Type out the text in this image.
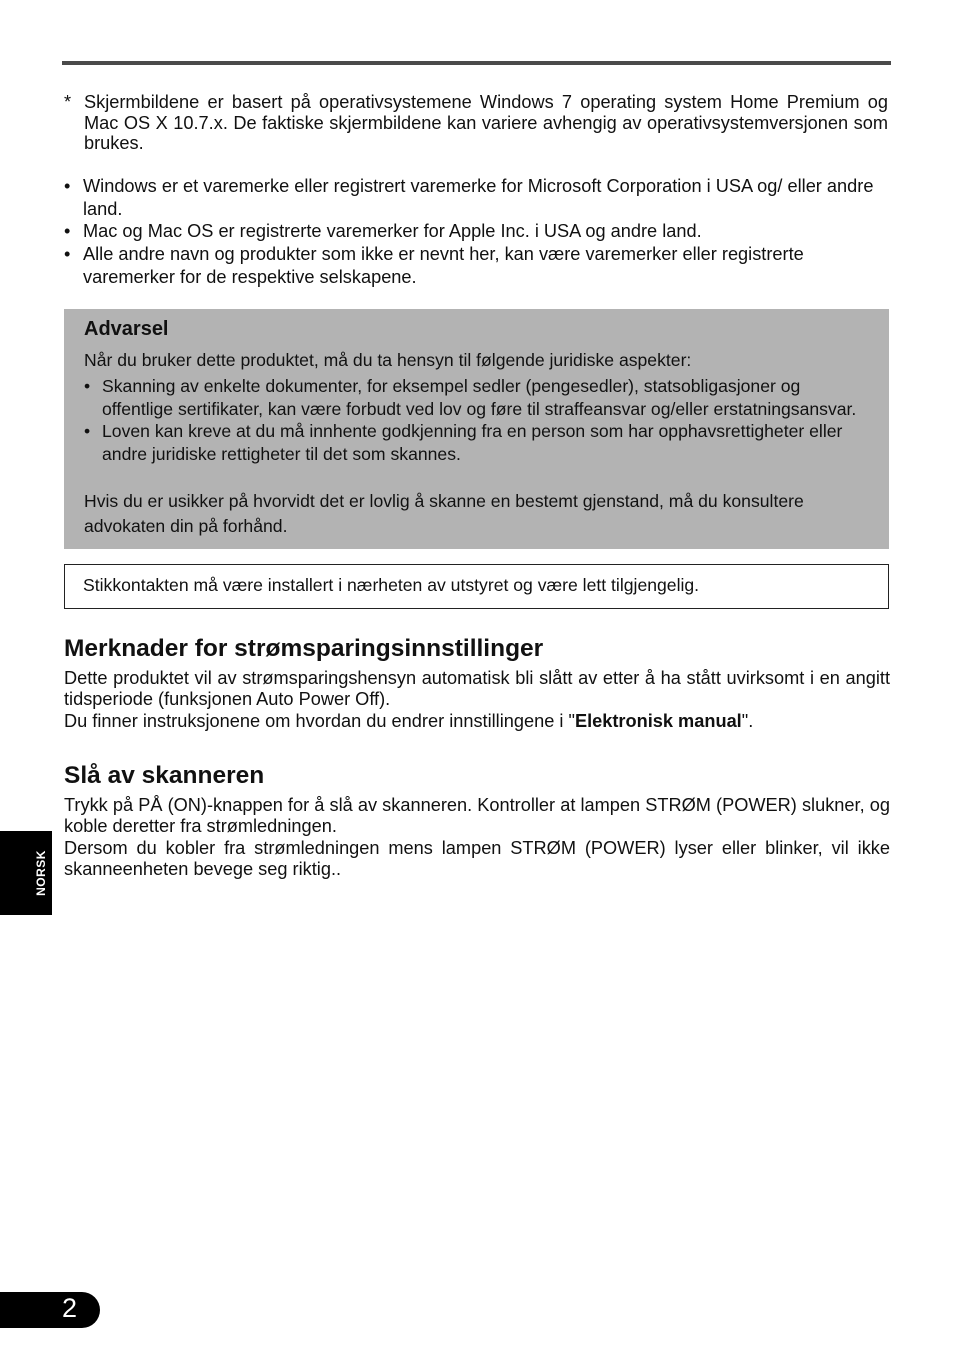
* Skjermbildene er basert på operativsystemene Windows 7 operating system Home Premium og Mac OS X 10.7.x. De faktiske skjermbildene kan variere avhengig av operativsystemversjonen som brukes.
• Windows er et varemerke eller registrert varemerke for Microsoft Corporation i USA og/ eller andre land.
• Mac og Mac OS er registrerte varemerker for Apple Inc. i USA og andre land.
• Alle andre navn og produkter som ikke er nevnt her, kan være varemerker eller registrerte varemerker for de respektive selskapene.
Advarsel
Når du bruker dette produktet, må du ta hensyn til følgende juridiske aspekter:
• Skanning av enkelte dokumenter, for eksempel sedler (pengesedler), statsobligasjoner og offentlige sertifikater, kan være forbudt ved lov og føre til straffeansvar og/eller erstatningsansvar.
• Loven kan kreve at du må innhente godkjenning fra en person som har opphavsrettigheter eller andre juridiske rettigheter til det som skannes.
Hvis du er usikker på hvorvidt det er lovlig å skanne en bestemt gjenstand, må du konsultere advokaten din på forhånd.
Stikkontakten må være installert i nærheten av utstyret og være lett tilgjengelig.
Merknader for strømsparingsinnstillinger
Dette produktet vil av strømsparingshensyn automatisk bli slått av etter å ha stått uvirksomt i en angitt tidsperiode (funksjonen Auto Power Off).
Du finner instruksjonene om hvordan du endrer innstillingene i "Elektronisk manual".
Slå av skanneren
Trykk på PÅ (ON)-knappen for å slå av skanneren. Kontroller at lampen STRØM (POWER) slukner, og koble deretter fra strømledningen.
Dersom du kobler fra strømledningen mens lampen STRØM (POWER) lyser eller blinker, vil ikke skanneenheten bevege seg riktig..
NORSK
2
